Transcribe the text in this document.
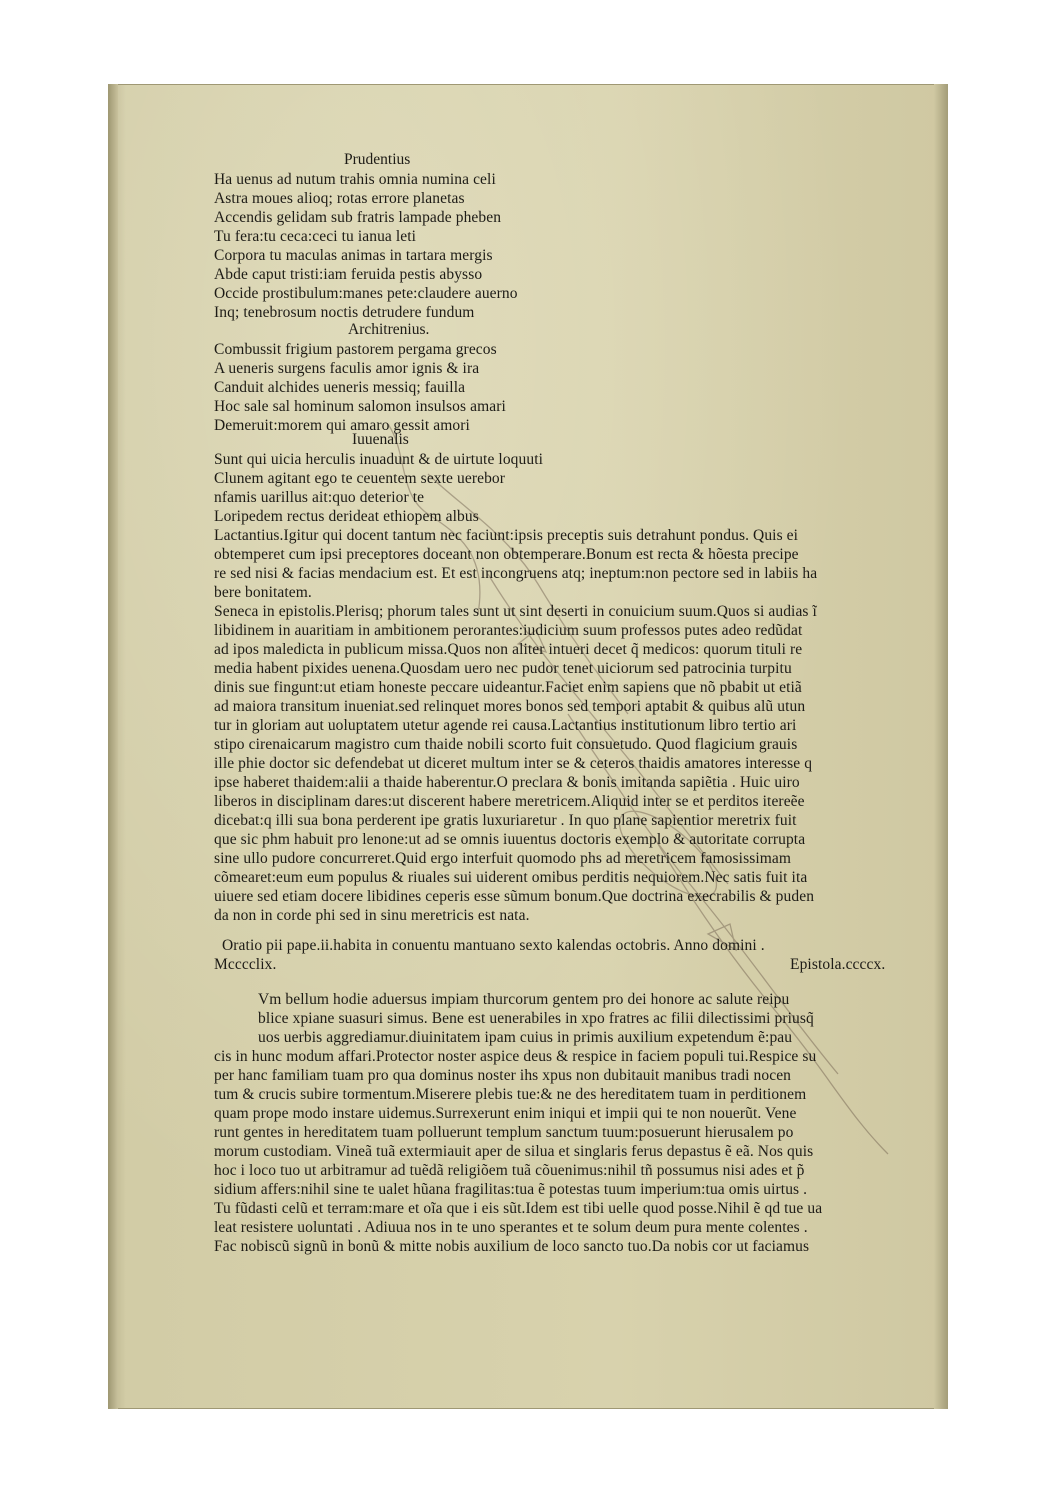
Prudentius
Ha uenus ad nutum trahis omnia numina celi
Astra moues alioq; rotas errore planetas
Accendis gelidam sub fratris lampade pheben
Tu fera:tu ceca:ceci tu ianua leti
Corpora tu maculas animas in tartara mergis
Abde caput tristi:iam feruida pestis abysso
Occide prostibulum:manes pete:claudere auerno
Inq; tenebrosum noctis detrudere fundum
Architrenius.
Combussit frigium pastorem pergama grecos
A ueneris surgens faculis amor ignis & ira
Canduit alchides ueneris messiq; fauilla
Hoc sale sal hominum salomon insulsos amari
Demeruit:morem qui amaro gessit amori
Iuuenalis
Sunt qui uicia herculis inuadunt & de uirtute loquuti
Clunem agitant ego te ceuentem sexte uerebor
nfamis uarillus ait:quo deterior te
Loripedem rectus derideat ethiopem albus
Lactantius.Igitur qui docent tantum nec faciunt:ipsis preceptis suis detrahunt pondus. Quis ei
obtemperet cum ipsi preceptores doceant non obtemperare.Bonum est recta & hõesta precipe
re sed nisi & facias mendacium est. Et est incongruens atq; ineptum:non pectore sed in labiis ha
bere bonitatem.
Seneca in epistolis.Plerisq; phorum tales sunt ut sint deserti in conuicium suum.Quos si audias ĩ
libidinem in auaritiam in ambitionem perorantes:iudicium suum professos putes adeo redũdat
ad ipos maledicta in publicum missa.Quos non aliter intueri decet q̃ medicos: quorum tituli re
media habent pixides uenena.Quosdam uero nec pudor tenet uiciorum sed patrocinia turpitu
dinis sue fingunt:ut etiam honeste peccare uideantur.Faciet enim sapiens que nõ pbabit ut etiã
ad maiora transitum inueniat.sed relinquet mores bonos sed tempori aptabit & quibus alũ utun
tur in gloriam aut uoluptatem utetur agende rei causa.Lactantius institutionum libro tertio ari
stipo cirenaicarum magistro cum thaide nobili scorto fuit consuetudo. Quod flagicium grauis
ille phie doctor sic defendebat ut diceret multum inter se & ceteros thaidis amatores interesse q
ipse haberet thaidem:alii a thaide haberentur.O preclara & bonis imitanda sapiẽtia . Huic uiro
liberos in disciplinam dares:ut discerent habere meretricem.Aliquid inter se et perditos itereẽe
dicebat:q illi sua bona perderent ipe gratis luxuriaretur . In quo plane sapientior meretrix fuit
que sic phm habuit pro lenone:ut ad se omnis iuuentus doctoris exemplo & autoritate corrupta
sine ullo pudore concurreret.Quid ergo interfuit quomodo phs ad meretricem famosissimam
cõmearet:eum eum populus & riuales sui uiderent omibus perditis nequiorem.Nec satis fuit ita
uiuere sed etiam docere libidines ceperis esse sũmum bonum.Que doctrina execrabilis & puden
da non in corde phi sed in sinu meretricis est nata.
Oratio pii pape.ii.habita in conuentu mantuano sexto kalendas octobris. Anno domini .
Mcccclix.	Epistola.ccccx.
Vm bellum hodie aduersus impiam thurcorum gentem pro dei honore ac salute reipu
blice xpiane suasuri simus. Bene est uenerabiles in xpo fratres ac filii dilectissimi priusq̃
uos uerbis aggrediamur.diuinitatem ipam cuius in primis auxilium expetendum ẽ:pau
cis in hunc modum affari.Protector noster aspice deus & respice in faciem populi tui.Respice su
per hanc familiam tuam pro qua dominus noster ihs xpus non dubitauit manibus tradi nocen
tum & crucis subire tormentum.Miserere plebis tue:& ne des hereditatem tuam in perditionem
quam prope modo instare uidemus.Surrexerunt enim iniqui et impii qui te non nouerũt. Vene
runt gentes in hereditatem tuam polluerunt templum sanctum tuum:posuerunt hierusalem po
morum custodiam. Vineã tuã extermiauit aper de silua et singlaris ferus depastus ẽ eã. Nos quis
hoc i loco tuo ut arbitramur ad tuẽdã religiõem tuã cõuenimus:nihil tñ possumus nisi ades et p̃
sidium affers:nihil sine te ualet hũana fragilitas:tua ẽ potestas tuum imperium:tua omis uirtus .
Tu fũdasti celũ et terram:mare et oĩa que i eis sũt.Idem est tibi uelle quod posse.Nihil ẽ qd tue ua
leat resistere uoluntati . Adiuua nos in te uno sperantes et te solum deum pura mente colentes .
Fac nobiscũ signũ in bonũ & mitte nobis auxilium de loco sancto tuo.Da nobis cor ut faciamus
